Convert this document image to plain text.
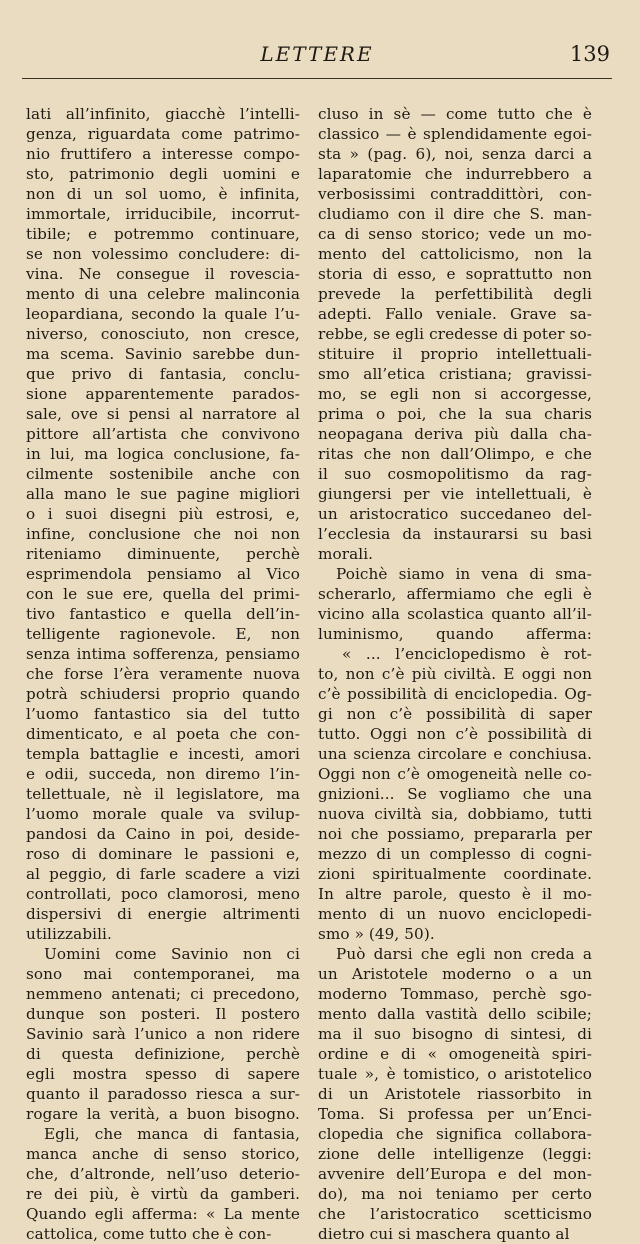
LETTERE	139
lati all’infinito, giacchè l’intelli-
genza, riguardata come patrimo-
nio fruttifero a interesse compo-
sto, patrimonio degli uomini e
non di un sol uomo, è infinita,
immortale, irriducibile, incorrut-
tibile; e potremmo continuare,
se non volessimo concludere: di-
vina. Ne consegue il rovescia-
mento di una celebre malinconia
leopardiana, secondo la quale l’u-
niverso, conosciuto, non cresce,
ma scema. Savinio sarebbe dun-
que privo di fantasia, conclu-
sione apparentemente parados-
sale, ove si pensi al narratore al
pittore all’artista che convivono
in lui, ma logica conclusione, fa-
cilmente sostenibile anche con
alla mano le sue pagine migliori
o i suoi disegni più estrosi, e,
infine, conclusione che noi non
riteniamo diminuente, perchè
esprimendola pensiamo al Vico
con le sue ere, quella del primi-
tivo fantastico e quella dell’in-
telligente ragionevole. E, non
senza intima sofferenza, pensiamo
che forse l’èra veramente nuova
potrà schiudersi proprio quando
l’uomo fantastico sia del tutto
dimenticato, e al poeta che con-
templa battaglie e incesti, amori
e odii, succeda, non diremo l’in-
tellettuale, nè il legislatore, ma
l’uomo morale quale va svilup-
pandosi da Caino in poi, deside-
roso di dominare le passioni e,
al peggio, di farle scadere a vizi
controllati, poco clamorosi, meno
dispersivi di energie altrimenti
utilizzabili.
Uomini come Savinio non ci
sono mai contemporanei, ma
nemmeno antenati; ci precedono,
dunque son posteri. Il postero
Savinio sarà l’unico a non ridere
di questa definizione, perchè
egli mostra spesso di sapere
quanto il paradosso riesca a sur-
rogare la verità, a buon bisogno.
Egli, che manca di fantasia,
manca anche di senso storico,
che, d’altronde, nell’uso deterio-
re dei più, è virtù da gamberi.
Quando egli afferma: « La mente
cattolica, come tutto che è con-
cluso in sè — come tutto che è
classico — è splendidamente egoi-
sta » (pag. 6), noi, senza darci a
laparatomie che indurrebbero a
verbosissimi contraddittòri, con-
cludiamo con il dire che S. man-
ca di senso storico; vede un mo-
mento del cattolicismo, non la
storia di esso, e soprattutto non
prevede la perfettibilità degli
adepti. Fallo veniale. Grave sa-
rebbe, se egli credesse di poter so-
stituire il proprio intellettuali-
smo all’etica cristiana; gravissi-
mo, se egli non si accorgesse,
prima o poi, che la sua charis
neopagana deriva più dalla cha-
ritas che non dall’Olimpo, e che
il suo cosmopolitismo da rag-
giungersi per vie intellettuali, è
un aristocratico succedaneo del-
l’ecclesia da instaurarsi su basi
morali.
Poichè siamo in vena di sma-
scherarlo, affermiamo che egli è
vicino alla scolastica quanto all’il-
luminismo, quando afferma:
« ... l’enciclopedismo è rot-
to, non c’è più civiltà. E oggi non
c’è possibilità di enciclopedia. Og-
gi non c’è possibilità di saper
tutto. Oggi non c’è possibilità di
una scienza circolare e conchiusa.
Oggi non c’è omogeneità nelle co-
gnizioni... Se vogliamo che una
nuova civiltà sia, dobbiamo, tutti
noi che possiamo, prepararla per
mezzo di un complesso di cogni-
zioni spiritualmente coordinate.
In altre parole, questo è il mo-
mento di un nuovo enciclopedi-
smo » (49, 50).
Può darsi che egli non creda a
un Aristotele moderno o a un
moderno Tommaso, perchè sgo-
mento dalla vastità dello scibile;
ma il suo bisogno di sintesi, di
ordine e di « omogeneità spiri-
tuale », è tomistico, o aristotelico
di un Aristotele riassorbito in
Toma. Si professa per un’Enci-
clopedia che significa collabora-
zione delle intelligenze (leggi:
avvenire dell’Europa e del mon-
do), ma noi teniamo per certo
che l’aristocratico scetticismo
dietro cui si maschera quanto al
